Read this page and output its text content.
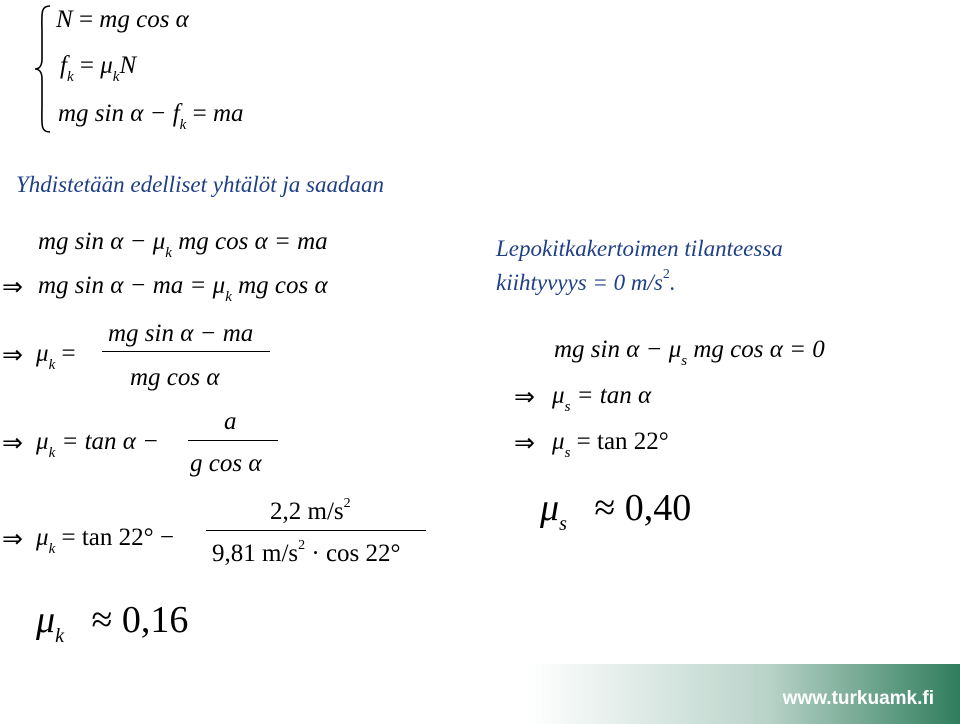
N = mg cos α
$f_k = \mu_kN$
mg $\sin \alpha - f_k$ = ma
Yhdistetään edelliset yhtälöt ja saadaan
mg $\sin \alpha - \mu_k$ mg cos α = ma
⇒ mg sin α − ma = $\mu_k$ mg cos α
⇒ $\mu_k$ =
mg sin α − ma
mg cos α
⇒ $\mu_k = \tan \alpha$ −
a
g cos α
⇒ $\mu_k = \tan 22^\circ$ −
2,2 $m/s^2$
9,81 $m/s^2 \cdot \cos 22^\circ$
$\mu_k \approx 0,16$
Lepokitkakertoimen tilanteessa
kiihtyvyys = 0 $m/s^2$.
mg $\sin \alpha - \mu_s$ mg cos α = 0
⇒ $\mu_s = \tan \alpha$
⇒ $\mu_s = \tan 22^\circ$
$\mu_s \approx 0,40$
www.turkuamk.fi
